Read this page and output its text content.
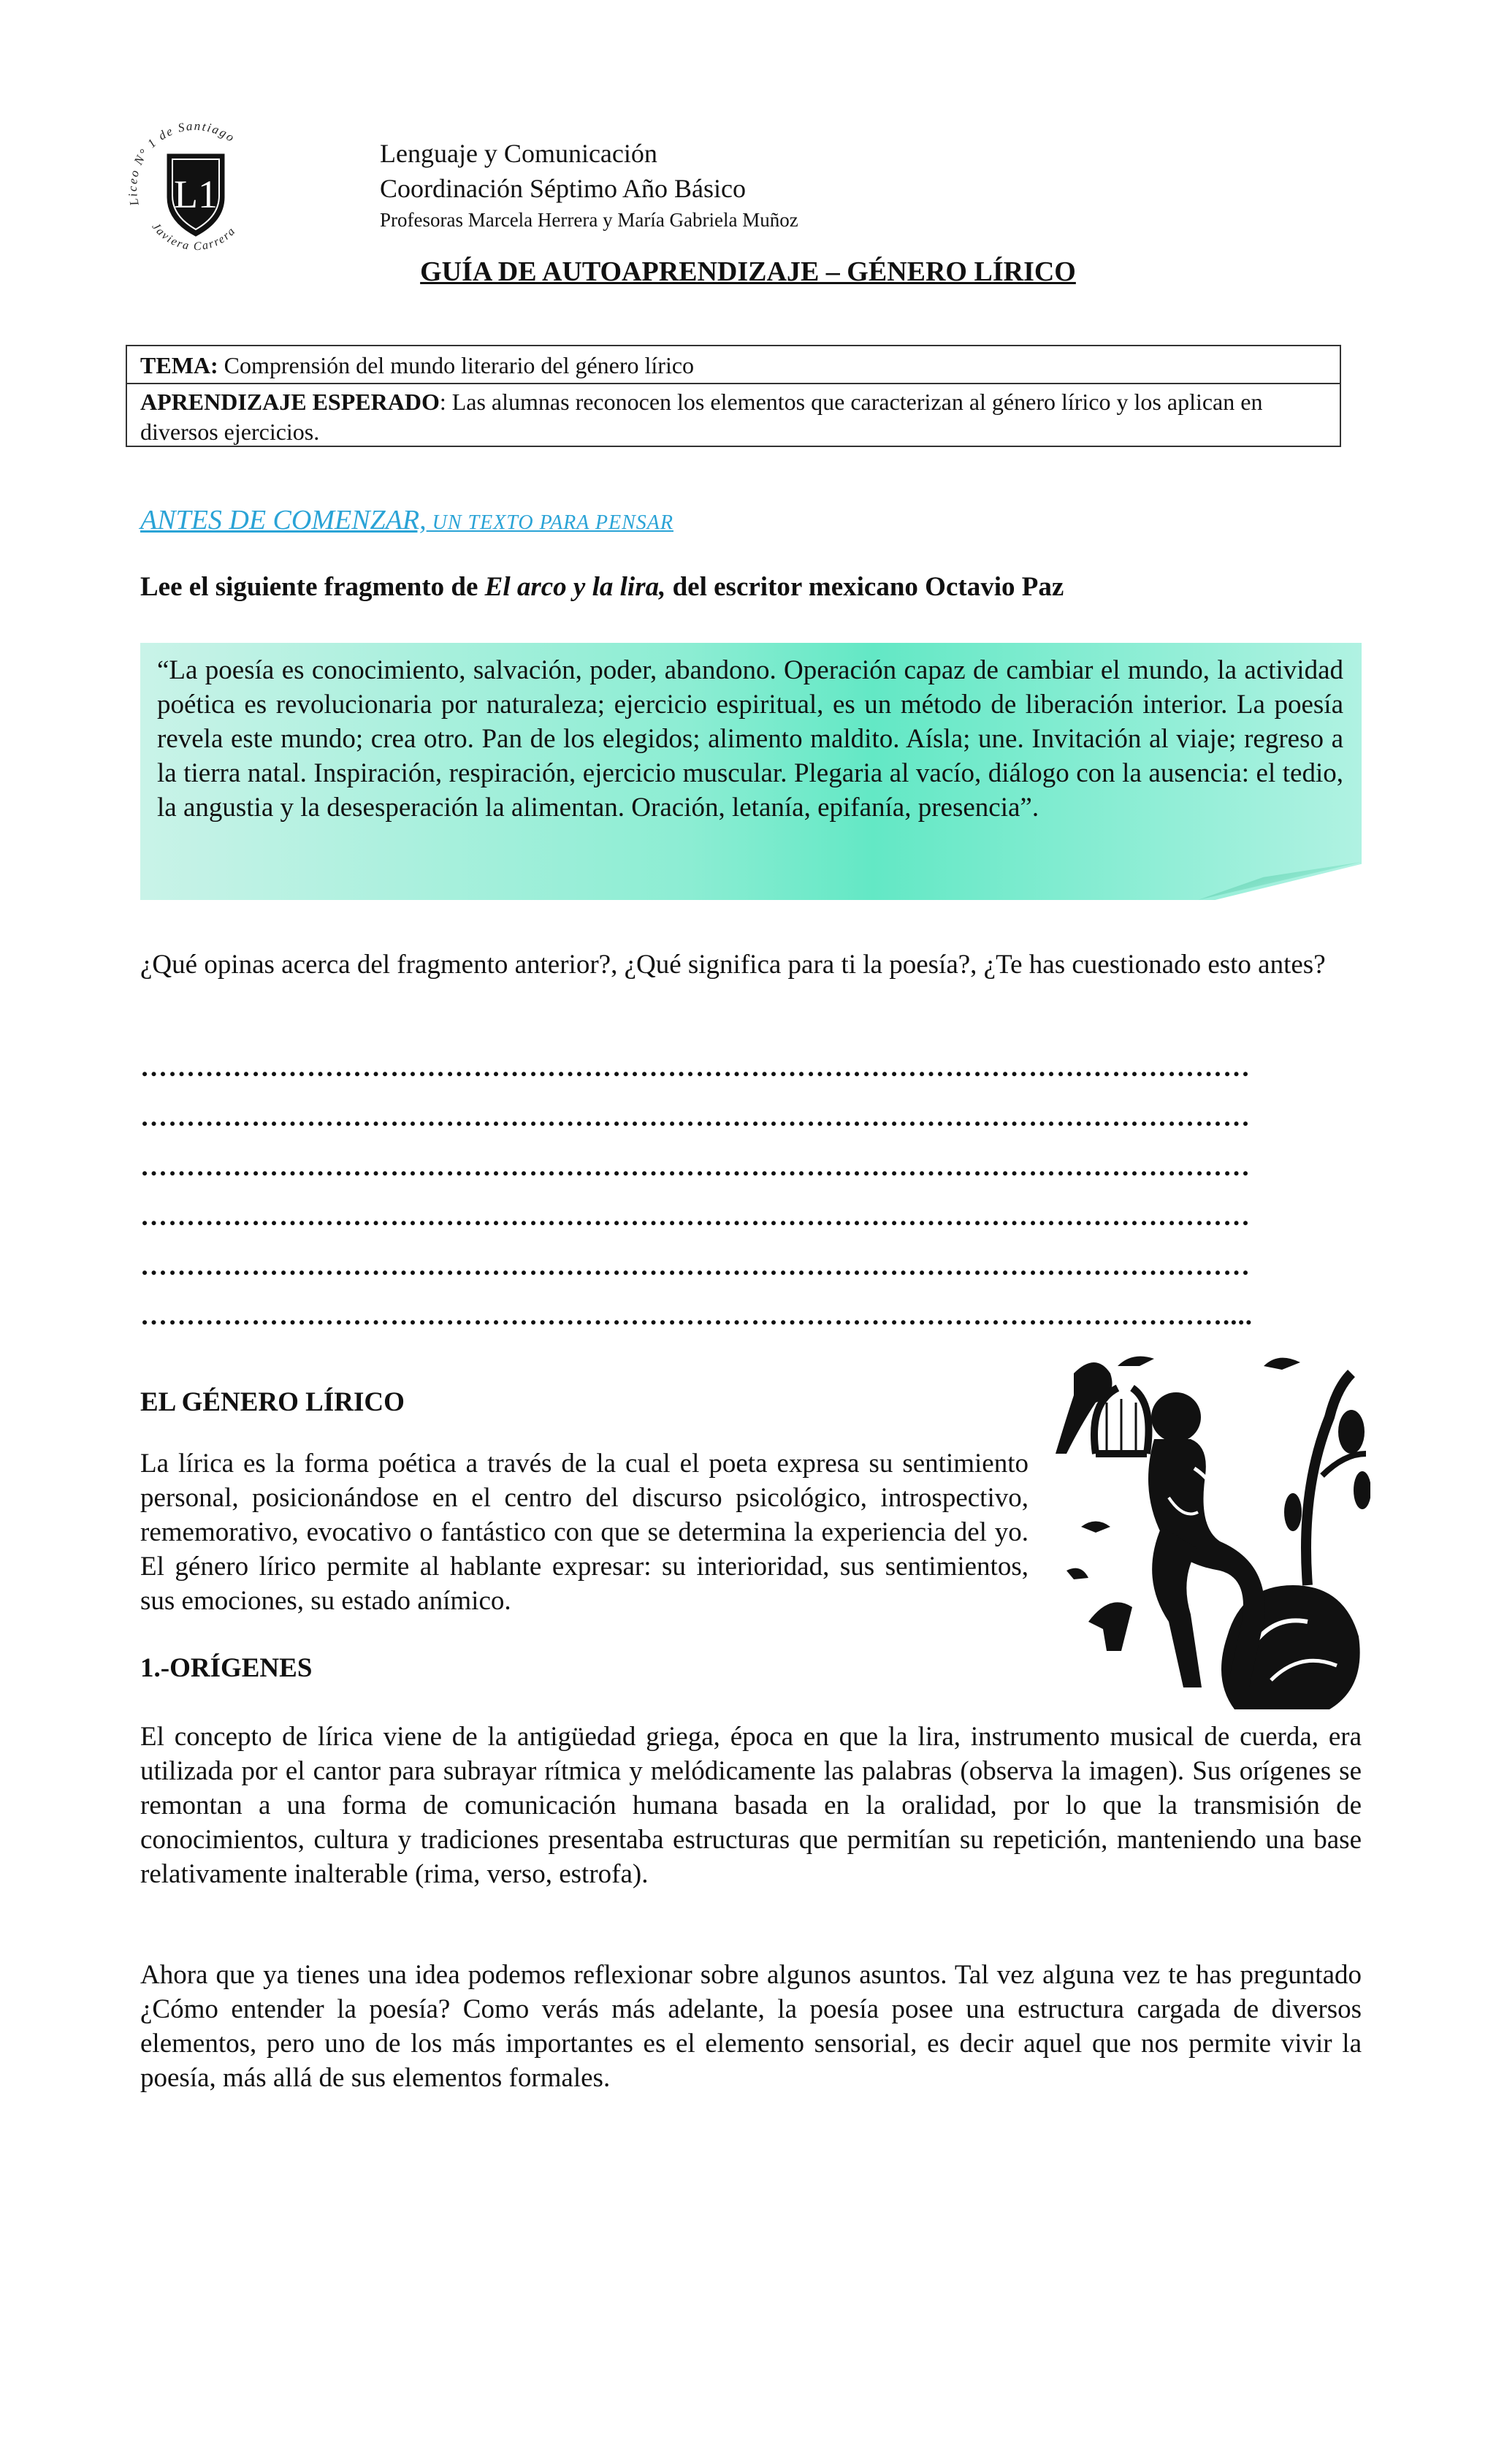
Liceo N° 1 de Santiago
Javiera Carrera
L1
Lenguaje y Comunicación
Coordinación Séptimo Año Básico
Profesoras Marcela Herrera y María Gabriela Muñoz
GUÍA DE AUTOAPRENDIZAJE – GÉNERO LÍRICO
TEMA: Comprensión del mundo literario del género lírico
APRENDIZAJE ESPERADO: Las alumnas reconocen los elementos que caracterizan al género lírico y los aplican en diversos ejercicios.
ANTES DE COMENZAR, UN TEXTO PARA PENSAR
Lee el siguiente fragmento de El arco y la lira, del escritor mexicano Octavio Paz
“La poesía es conocimiento, salvación, poder, abandono. Operación capaz de cambiar el mundo, la actividad poética es revolucionaria por naturaleza; ejercicio espiritual, es un método de liberación interior. La poesía revela este mundo; crea otro. Pan de los elegidos; alimento maldito. Aísla; une. Invitación al viaje; regreso a la tierra natal. Inspiración, respiración, ejercicio muscular. Plegaria al vacío, diálogo con la ausencia: el tedio, la angustia y la desesperación la alimentan. Oración, letanía, epifanía, presencia”.
¿Qué opinas acerca del fragmento anterior?, ¿Qué significa para ti la poesía?, ¿Te has cuestionado esto antes?
…………………………………………………………………………………………………………
…………………………………………………………………………………………………………
…………………………………………………………………………………………………………
…………………………………………………………………………………………………………
…………………………………………………………………………………………………………
………………………………………………………………………………………………………....
EL GÉNERO LÍRICO
La lírica es la forma poética a través de la cual el poeta expresa su sentimiento personal, posicionándose en el centro del discurso psicológico, introspectivo, rememorativo, evocativo o fantástico con que se determina la experiencia del yo. El género lírico permite al hablante expresar: su interioridad, sus sentimientos, sus emociones, su estado anímico.
1.-ORÍGENES
El concepto de lírica viene de la antigüedad griega, época en que la lira, instrumento musical de cuerda, era utilizada por el cantor para subrayar rítmica y melódicamente las palabras (observa la imagen). Sus orígenes se remontan a una forma de comunicación humana basada en la oralidad, por lo que la transmisión de conocimientos, cultura y tradiciones presentaba estructuras que permitían su repetición, manteniendo una base relativamente inalterable (rima, verso, estrofa).
Ahora que ya tienes una idea podemos reflexionar sobre algunos asuntos. Tal vez alguna vez te has preguntado ¿Cómo entender la poesía? Como verás más adelante, la poesía posee una estructura cargada de diversos elementos, pero uno de los más importantes es el elemento sensorial, es decir aquel que nos permite vivir la poesía, más allá de sus elementos formales.
